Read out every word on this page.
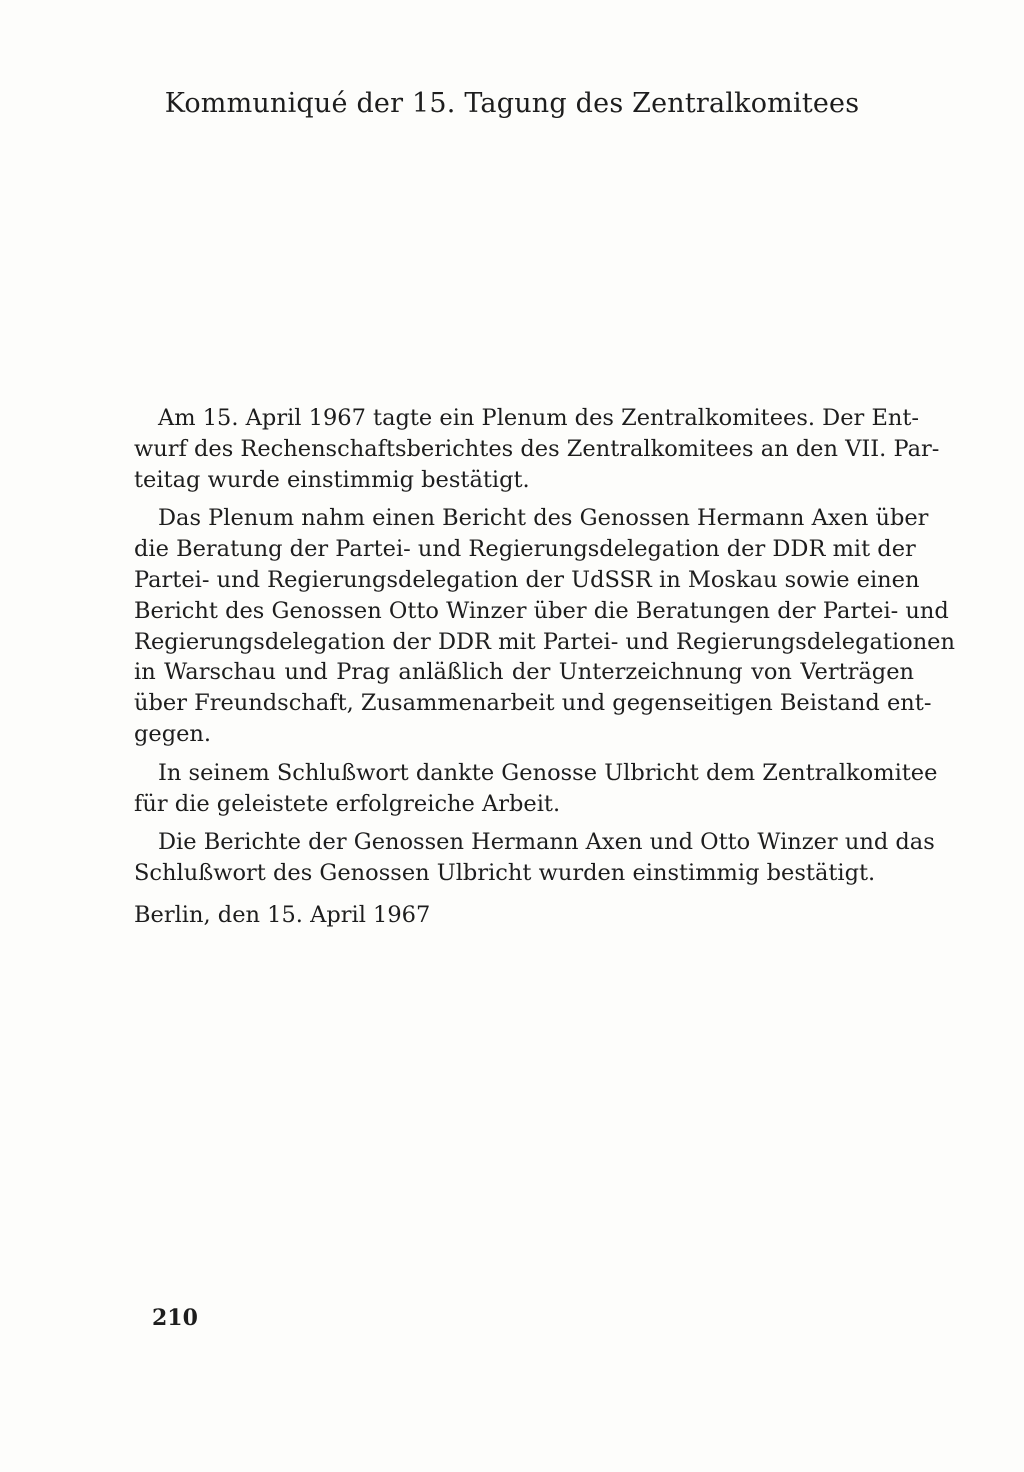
Kommuniqué der 15. Tagung des Zentralkomitees
Am 15. April 1967 tagte ein Plenum des Zentralkomitees. Der Ent-
wurf des Rechenschaftsberichtes des Zentralkomitees an den VII. Par-
teitag wurde einstimmig bestätigt.
Das Plenum nahm einen Bericht des Genossen Hermann Axen über
die Beratung der Partei- und Regierungsdelegation der DDR mit der
Partei- und Regierungsdelegation der UdSSR in Moskau sowie einen
Bericht des Genossen Otto Winzer über die Beratungen der Partei- und
Regierungsdelegation der DDR mit Partei- und Regierungsdelegationen
in Warschau und Prag anläßlich der Unterzeichnung von Verträgen
über Freundschaft, Zusammenarbeit und gegenseitigen Beistand ent-
gegen.
In seinem Schlußwort dankte Genosse Ulbricht dem Zentralkomitee
für die geleistete erfolgreiche Arbeit.
Die Berichte der Genossen Hermann Axen und Otto Winzer und das
Schlußwort des Genossen Ulbricht wurden einstimmig bestätigt.
Berlin, den 15. April 1967
210
